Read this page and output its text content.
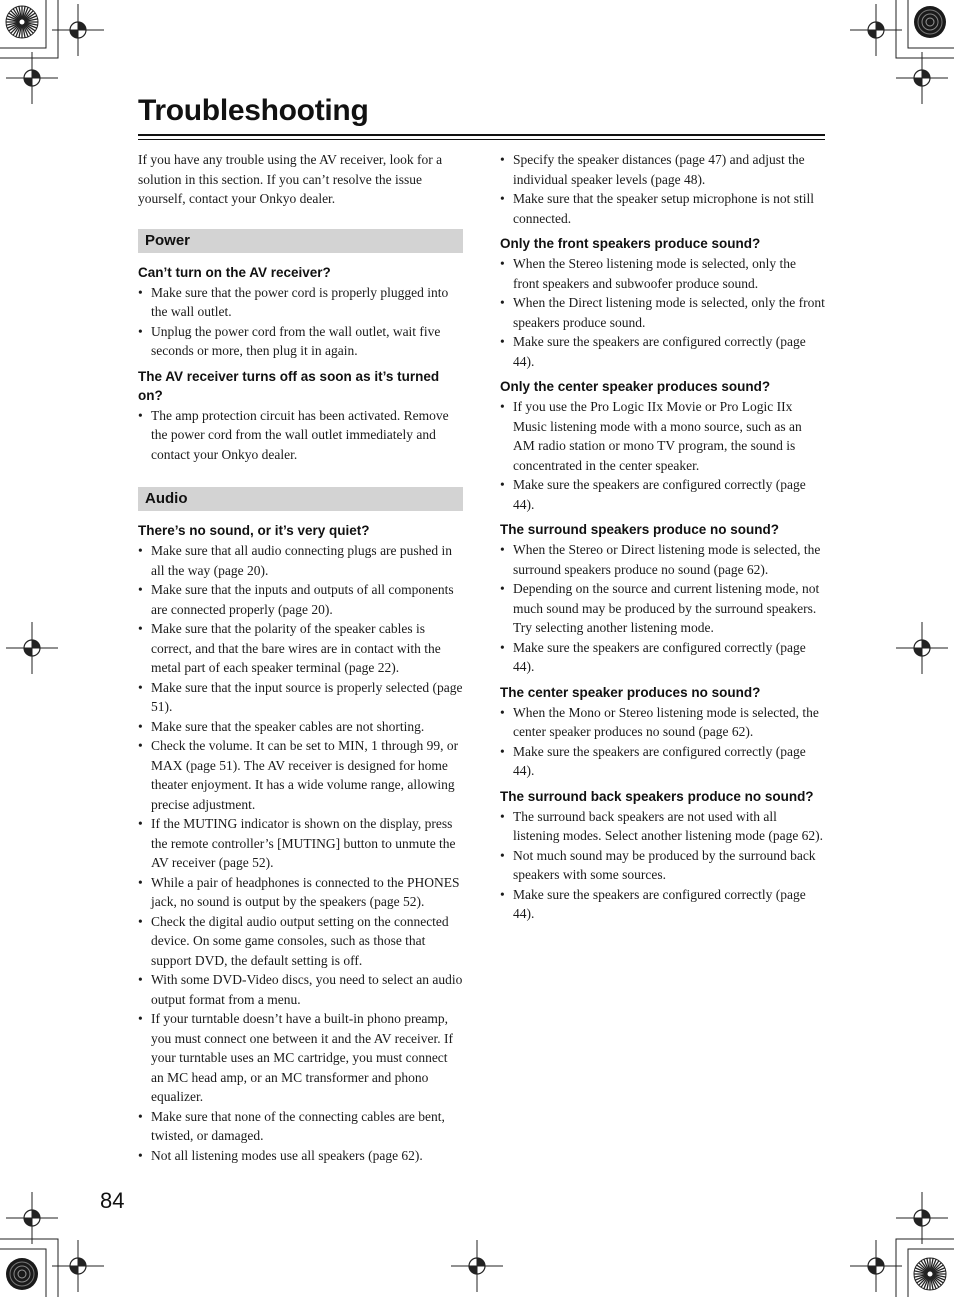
Troubleshooting

If you have any trouble using the AV receiver, look for a solution in this section. If you can’t resolve the issue yourself, contact your Onkyo dealer.

Power
Can’t turn on the AV receiver?
• Make sure that the power cord is properly plugged into the wall outlet.
• Unplug the power cord from the wall outlet, wait five seconds or more, then plug it in again.
The AV receiver turns off as soon as it’s turned on?
• The amp protection circuit has been activated. Remove the power cord from the wall outlet immediately and contact your Onkyo dealer.
Audio
There’s no sound, or it’s very quiet?
• Make sure that all audio connecting plugs are pushed in all the way (page 20).
• Make sure that the inputs and outputs of all components are connected properly (page 20).
• Make sure that the polarity of the speaker cables is correct, and that the bare wires are in contact with the metal part of each speaker terminal (page 22).
• Make sure that the input source is properly selected (page 51).
• Make sure that the speaker cables are not shorting.
• Check the volume. It can be set to MIN, 1 through 99, or MAX (page 51). The AV receiver is designed for home theater enjoyment. It has a wide volume range, allowing precise adjustment.
• If the MUTING indicator is shown on the display, press the remote controller’s [MUTING] button to unmute the AV receiver (page 52).
• While a pair of headphones is connected to the PHONES jack, no sound is output by the speakers (page 52).
• Check the digital audio output setting on the connected device. On some game consoles, such as those that support DVD, the default setting is off.
• With some DVD-Video discs, you need to select an audio output format from a menu.
• If your turntable doesn’t have a built-in phono preamp, you must connect one between it and the AV receiver. If your turntable uses an MC cartridge, you must connect an MC head amp, or an MC transformer and phono equalizer.
• Make sure that none of the connecting cables are bent, twisted, or damaged.
• Not all listening modes use all speakers (page 62).
• Specify the speaker distances (page 47) and adjust the individual speaker levels (page 48).
• Make sure that the speaker setup microphone is not still connected.
Only the front speakers produce sound?
• When the Stereo listening mode is selected, only the front speakers and subwoofer produce sound.
• When the Direct listening mode is selected, only the front speakers produce sound.
• Make sure the speakers are configured correctly (page 44).
Only the center speaker produces sound?
• If you use the Pro Logic IIx Movie or Pro Logic IIx Music listening mode with a mono source, such as an AM radio station or mono TV program, the sound is concentrated in the center speaker.
• Make sure the speakers are configured correctly (page 44).
The surround speakers produce no sound?
• When the Stereo or Direct listening mode is selected, the surround speakers produce no sound (page 62).
• Depending on the source and current listening mode, not much sound may be produced by the surround speakers. Try selecting another listening mode.
• Make sure the speakers are configured correctly (page 44).
The center speaker produces no sound?
• When the Mono or Stereo listening mode is selected, the center speaker produces no sound (page 62).
• Make sure the speakers are configured correctly (page 44).
The surround back speakers produce no sound?
• The surround back speakers are not used with all listening modes. Select another listening mode (page 62).
• Not much sound may be produced by the surround back speakers with some sources.
• Make sure the speakers are configured correctly (page 44).
84
